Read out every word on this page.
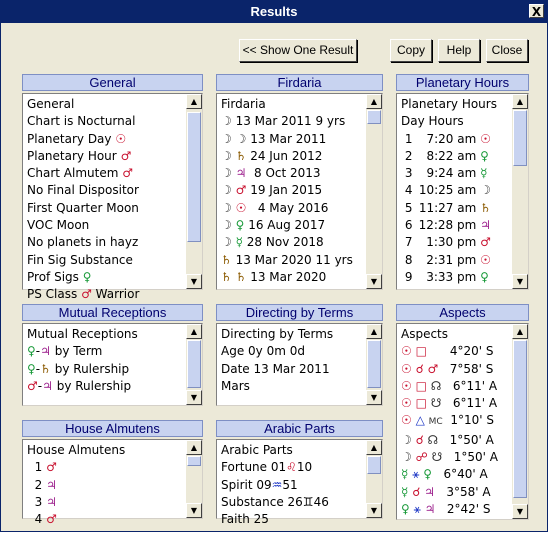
Results	X
<< Show One Result	Copy	Help	Close
General
General
Chart is Nocturnal
Planetary Day ☉
Planetary Hour ♂
Chart Almutem ♂
No Final Dispositor
First Quarter Moon
VOC Moon
No planets in hayz
Fin Sig Substance
Prof Sigs ♀
PS Class ♂ Warrior
▲
▼
Firdaria
Firdaria
☽ 13 Mar 2011 9 yrs
☽ ☽ 13 Mar 2011
☽ ♄ 24 Jun 2012
☽ ♃ 8 Oct 2013
☽ ♂ 19 Jan 2015
☽ ☉ 4 May 2016
☽ ♀ 16 Aug 2017
☽ ☿ 28 Nov 2018
♄ 13 Mar 2020 11 yrs
♄ ♄ 13 Mar 2020
▲
▼
Planetary Hours
Planetary Hours
Day Hours
1 7:20 am ☉
2 8:22 am ♀
3 9:24 am ☿
4 10:25 am ☽
5 11:27 am ♄
6 12:28 pm ♃
7 1:30 pm ♂
8 2:31 pm ☉
9 3:33 pm ♀
▲
▼
Mutual Receptions
Mutual Receptions
♀-♃ by Term
♀-♄ by Rulership
♂-♃ by Rulership
▲
▼
Directing by Terms
Directing by Terms
Age 0y 0m 0d
Date 13 Mar 2011
Mars
▲
▼
Aspects
Aspects
☉ □ 4°20' S
☉ ☌ ♂ 7°58' S
☉ □ ☊ 6°11' A
☉ □ ☋ 6°11' A
☉ △ MC 1°10' S
☽ ☌ ☊ 1°50' A
☽ ☍ ☋ 1°50' A
☿ ⚹ ♀ 6°40' A
☿ ☌ ♃ 3°58' A
♀ ⚹ ♃ 2°42' S
▲
▼
House Almutens
House Almutens
1 ♂
2 ♃
3 ♃
4 ♂
▲
▼
Arabic Parts
Arabic Parts
Fortune 01♌10
Spirit 09♒51
Substance 26♊46
Faith 25
▲
▼
